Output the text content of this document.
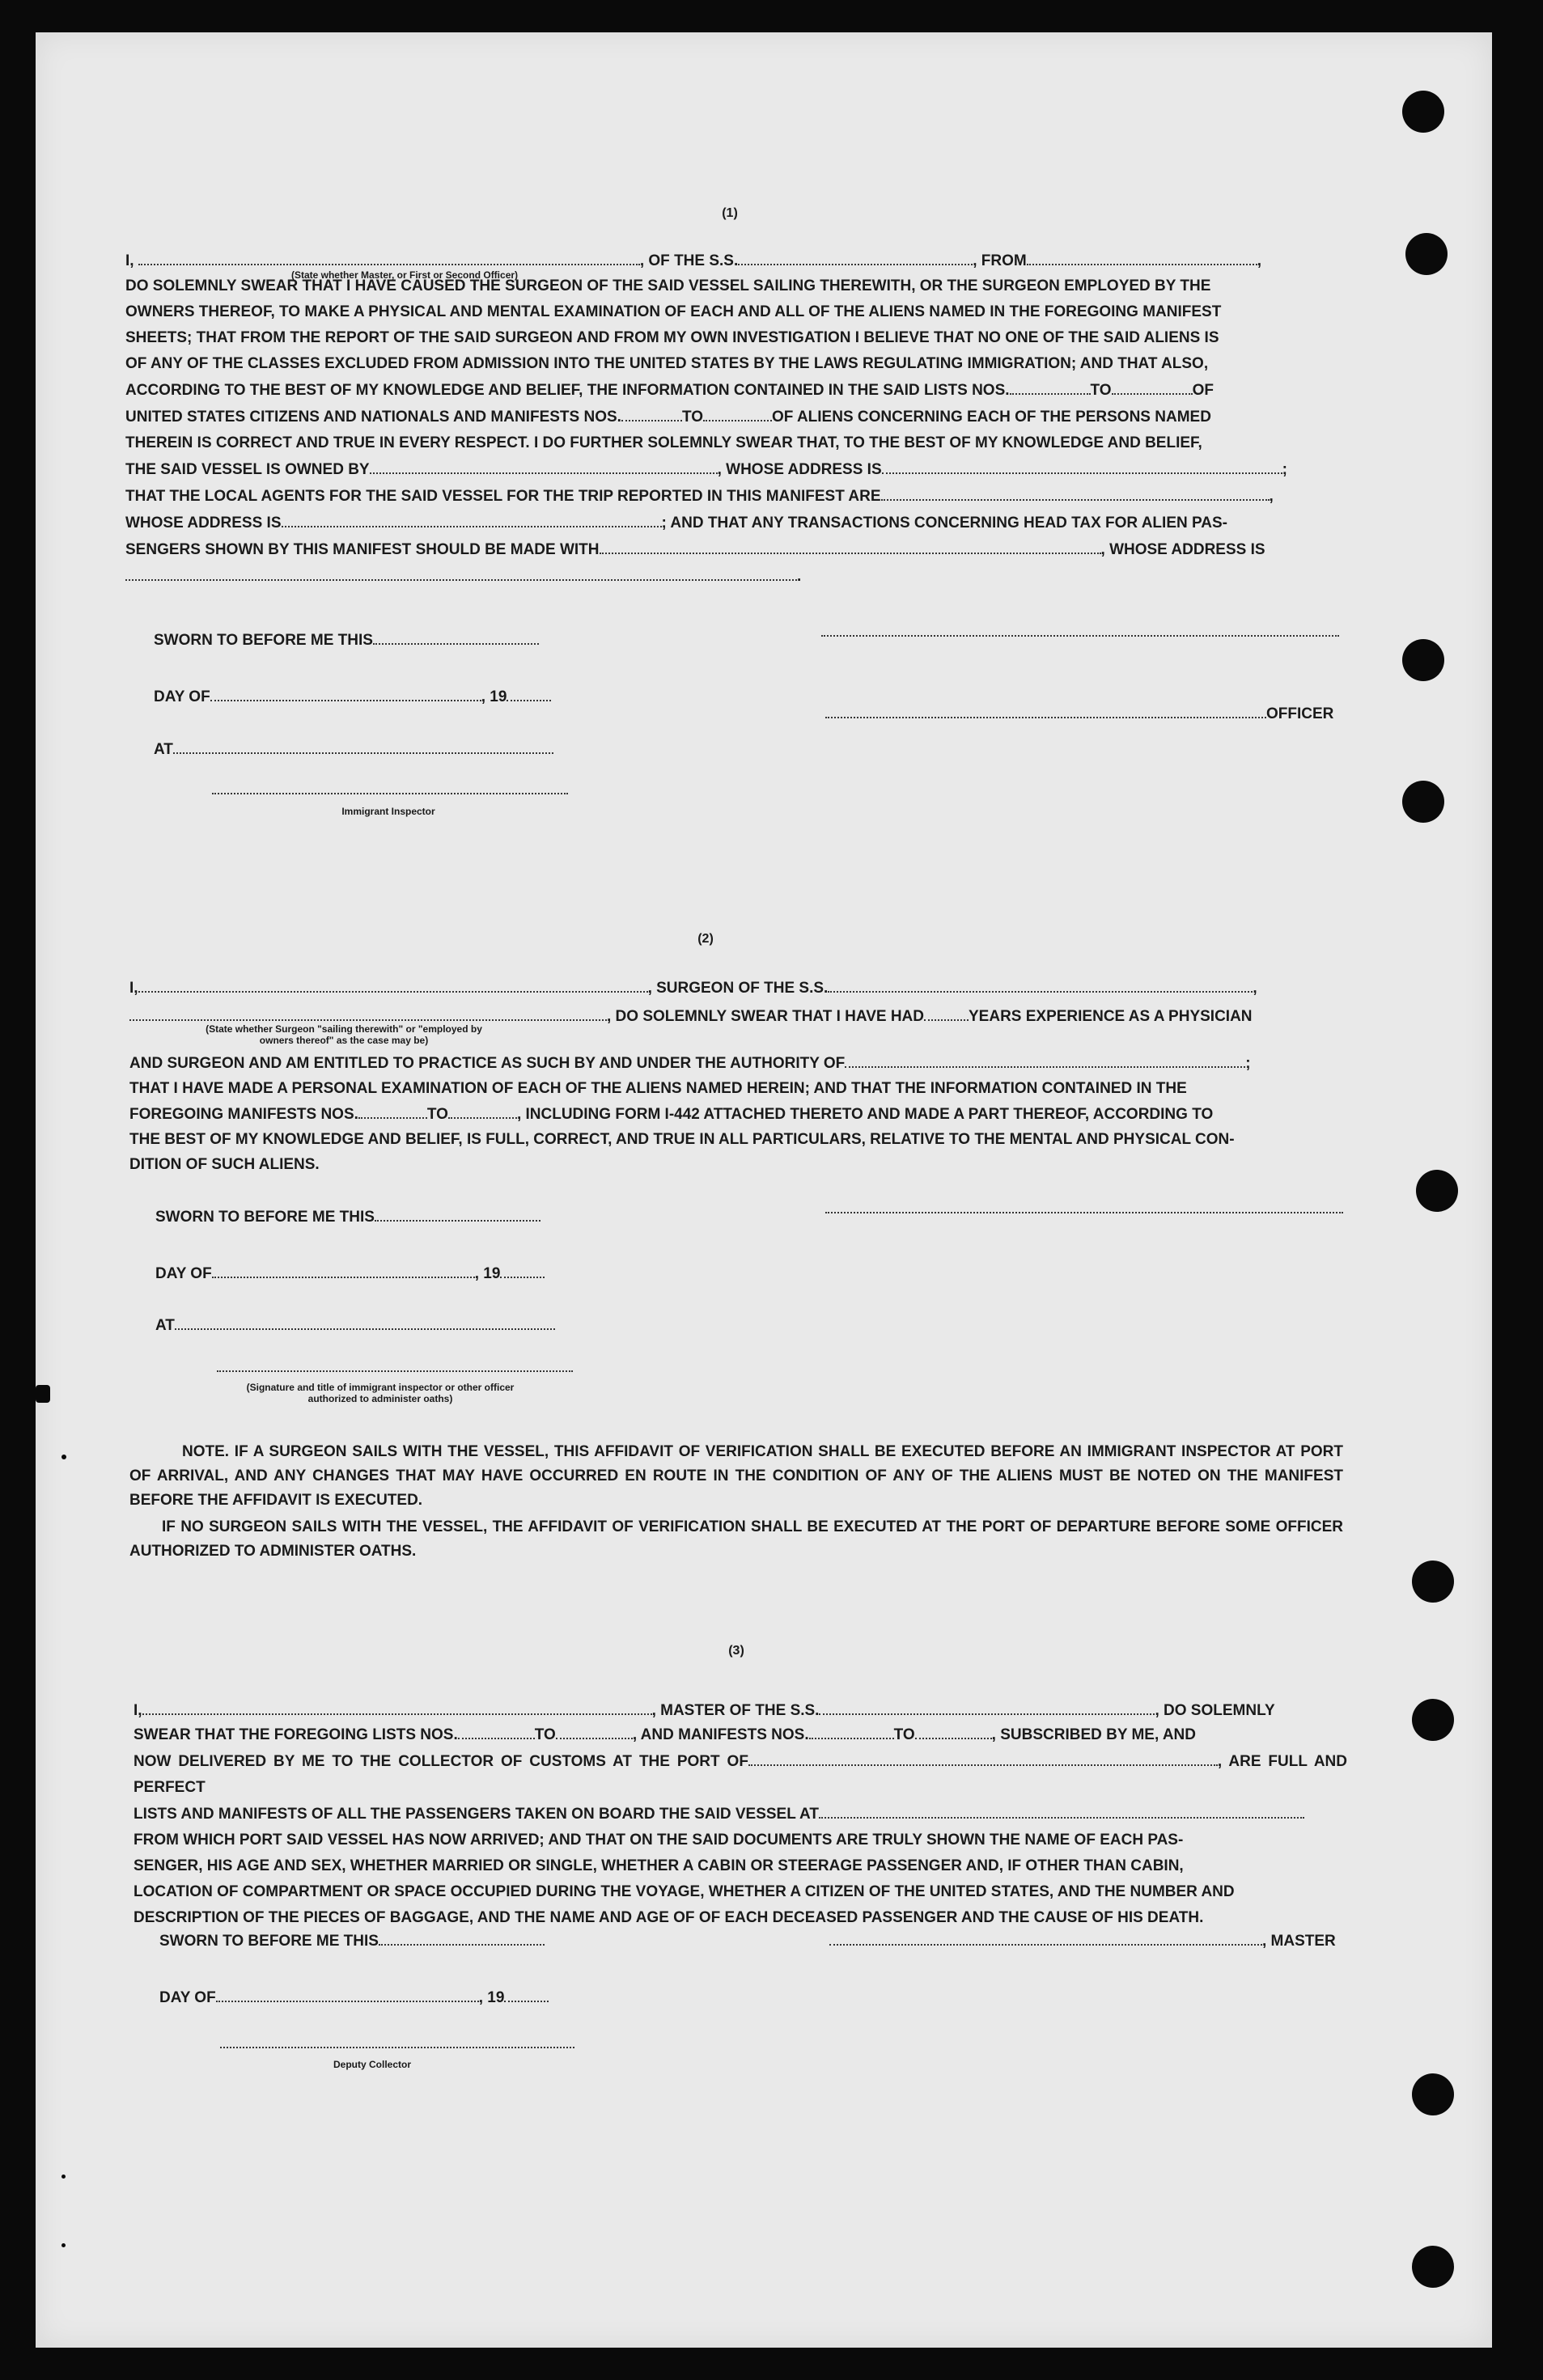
(1)
I,	, OF THE S.S.	, FROM	,
(State whether Master, or First or Second Officer)
DO SOLEMNLY SWEAR THAT I HAVE CAUSED THE SURGEON OF THE SAID VESSEL SAILING THEREWITH, OR THE SURGEON EMPLOYED BY THE
OWNERS THEREOF, TO MAKE A PHYSICAL AND MENTAL EXAMINATION OF EACH AND ALL OF THE ALIENS NAMED IN THE FOREGOING MANIFEST
SHEETS; THAT FROM THE REPORT OF THE SAID SURGEON AND FROM MY OWN INVESTIGATION I BELIEVE THAT NO ONE OF THE SAID ALIENS IS
OF ANY OF THE CLASSES EXCLUDED FROM ADMISSION INTO THE UNITED STATES BY THE LAWS REGULATING IMMIGRATION; AND THAT ALSO,
ACCORDING TO THE BEST OF MY KNOWLEDGE AND BELIEF, THE INFORMATION CONTAINED IN THE SAID LISTS NOS.	TO	OF
UNITED STATES CITIZENS AND NATIONALS AND MANIFESTS NOS.	TO	OF ALIENS CONCERNING EACH OF THE PERSONS NAMED
THEREIN IS CORRECT AND TRUE IN EVERY RESPECT. I DO FURTHER SOLEMNLY SWEAR THAT, TO THE BEST OF MY KNOWLEDGE AND BELIEF,
THE SAID VESSEL IS OWNED BY	, WHOSE ADDRESS IS	;
THAT THE LOCAL AGENTS FOR THE SAID VESSEL FOR THE TRIP REPORTED IN THIS MANIFEST ARE	,
WHOSE ADDRESS IS	; AND THAT ANY TRANSACTIONS CONCERNING HEAD TAX FOR ALIEN PAS-
SENGERS SHOWN BY THIS MANIFEST SHOULD BE MADE WITH	, WHOSE ADDRESS IS
.
SWORN TO BEFORE ME THIS
DAY OF	, 19
OFFICER
AT
Immigrant Inspector
(2)
I,	, SURGEON OF THE S.S.	,
, DO SOLEMNLY SWEAR THAT I HAVE HAD	YEARS EXPERIENCE AS A PHYSICIAN
(State whether Surgeon "sailing therewith" or "employed by owners thereof" as the case may be)
AND SURGEON AND AM ENTITLED TO PRACTICE AS SUCH BY AND UNDER THE AUTHORITY OF	;
THAT I HAVE MADE A PERSONAL EXAMINATION OF EACH OF THE ALIENS NAMED HEREIN; AND THAT THE INFORMATION CONTAINED IN THE
FOREGOING MANIFESTS NOS.	TO	, INCLUDING FORM I-442 ATTACHED THERETO AND MADE A PART THEREOF, ACCORDING TO
THE BEST OF MY KNOWLEDGE AND BELIEF, IS FULL, CORRECT, AND TRUE IN ALL PARTICULARS, RELATIVE TO THE MENTAL AND PHYSICAL CON-
DITION OF SUCH ALIENS.
SWORN TO BEFORE ME THIS
DAY OF	, 19
AT
(Signature and title of immigrant inspector or other officer authorized to administer oaths)
NOTE. IF A SURGEON SAILS WITH THE VESSEL, THIS AFFIDAVIT OF VERIFICATION SHALL BE EXECUTED BEFORE AN IMMIGRANT INSPECTOR AT PORT OF ARRIVAL, AND ANY CHANGES THAT MAY HAVE OCCURRED EN ROUTE IN THE CONDITION OF ANY OF THE ALIENS MUST BE NOTED ON THE MANIFEST BEFORE THE AFFIDAVIT IS EXECUTED.
IF NO SURGEON SAILS WITH THE VESSEL, THE AFFIDAVIT OF VERIFICATION SHALL BE EXECUTED AT THE PORT OF DEPARTURE BEFORE SOME OFFICER AUTHORIZED TO ADMINISTER OATHS.
(3)
I,	, MASTER OF THE S.S.	, DO SOLEMNLY
SWEAR THAT THE FOREGOING LISTS NOS.	TO	, AND MANIFESTS NOS.	TO	, SUBSCRIBED BY ME, AND
NOW DELIVERED BY ME TO THE COLLECTOR OF CUSTOMS AT THE PORT OF	, ARE FULL AND PERFECT
LISTS AND MANIFESTS OF ALL THE PASSENGERS TAKEN ON BOARD THE SAID VESSEL AT
FROM WHICH PORT SAID VESSEL HAS NOW ARRIVED; AND THAT ON THE SAID DOCUMENTS ARE TRULY SHOWN THE NAME OF EACH PAS-
SENGER, HIS AGE AND SEX, WHETHER MARRIED OR SINGLE, WHETHER A CABIN OR STEERAGE PASSENGER AND, IF OTHER THAN CABIN,
LOCATION OF COMPARTMENT OR SPACE OCCUPIED DURING THE VOYAGE, WHETHER A CITIZEN OF THE UNITED STATES, AND THE NUMBER AND
DESCRIPTION OF THE PIECES OF BAGGAGE, AND THE NAME AND AGE OF OF EACH DECEASED PASSENGER AND THE CAUSE OF HIS DEATH.
SWORN TO BEFORE ME THIS	, MASTER
DAY OF	, 19
Deputy Collector
